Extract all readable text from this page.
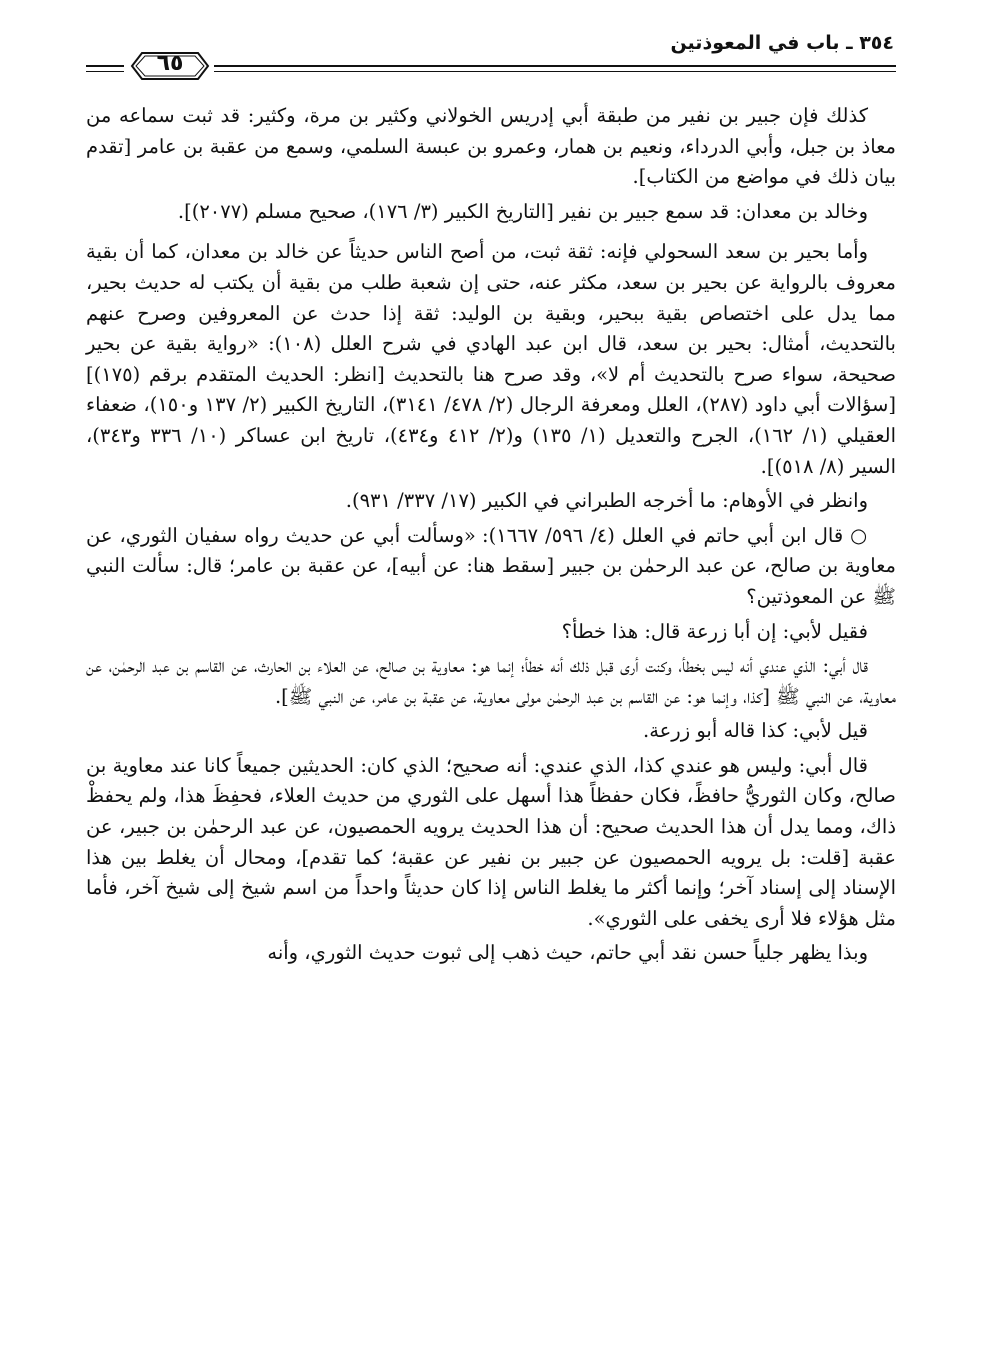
٣٥٤ ـ باب في المعوذتين
٦٥

كذلك فإن جبير بن نفير من طبقة أبي إدريس الخولاني وكثير بن مرة، وكثير: قد ثبت سماعه من معاذ بن جبل، وأبي الدرداء، ونعيم بن همار، وعمرو بن عبسة السلمي، وسمع من عقبة بن عامر [تقدم بيان ذلك في مواضع من الكتاب].

وخالد بن معدان: قد سمع جبير بن نفير [التاريخ الكبير (٣/ ١٧٦)، صحيح مسلم (٢٠٧٧)].

وأما بحير بن سعد السحولي فإنه: ثقة ثبت، من أصح الناس حديثاً عن خالد بن معدان، كما أن بقية معروف بالرواية عن بحير بن سعد، مكثر عنه، حتى إن شعبة طلب من بقية أن يكتب له حديث بحير، مما يدل على اختصاص بقية ببحير، وبقية بن الوليد: ثقة إذا حدث عن المعروفين وصرح عنهم بالتحديث، أمثال: بحير بن سعد، قال ابن عبد الهادي في شرح العلل (١٠٨): «رواية بقية عن بحير صحيحة، سواء صرح بالتحديث أم لا»، وقد صرح هنا بالتحديث [انظر: الحديث المتقدم برقم (١٧٥)] [سؤالات أبي داود (٢٨٧)، العلل ومعرفة الرجال (٢/ ٤٧٨/ ٣١٤١)، التاريخ الكبير (٢/ ١٣٧ و١٥٠)، ضعفاء العقيلي (١/ ١٦٢)، الجرح والتعديل (١/ ١٣٥) و(٢/ ٤١٢ و٤٣٤)، تاريخ ابن عساكر (١٠/ ٣٣٦ و٣٤٣)، السير (٨/ ٥١٨)].

وانظر في الأوهام: ما أخرجه الطبراني في الكبير (١٧/ ٣٣٧/ ٩٣١).

○ قال ابن أبي حاتم في العلل (٤/ ٥٩٦/ ١٦٦٧): «وسألت أبي عن حديث رواه سفيان الثوري، عن معاوية بن صالح، عن عبد الرحمٰن بن جبير [سقط هنا: عن أبيه]، عن عقبة بن عامر؛ قال: سألت النبي ﷺ عن المعوذتين؟

فقيل لأبي: إن أبا زرعة قال: هذا خطأ؟

قال أبي: الذي عندي أنه ليس بخطأ، وكنت أرى قبل ذلك أنه خطأ؛ إنما هو: معاوية بن صالح، عن العلاء بن الحارث، عن القاسم بن عبد الرحمٰن، عن معاوية، عن النبي ﷺ [كذا، وإنما هو: عن القاسم بن عبد الرحمٰن مولى معاوية، عن عقبة بن عامر، عن النبي ﷺ].

قيل لأبي: كذا قاله أبو زرعة.

قال أبي: وليس هو عندي كذا، الذي عندي: أنه صحيح؛ الذي كان: الحديثين جميعاً كانا عند معاوية بن صالح، وكان الثوريُّ حافظً، فكان حفظاً هذا أسهل على الثوري من حديث العلاء، فحفِظَ هذا، ولم يحفظْ ذاك، ومما يدل أن هذا الحديث صحيح: أن هذا الحديث يرويه الحمصيون، عن عبد الرحمٰن بن جبير، عن عقبة [قلت: بل يرويه الحمصيون عن جبير بن نفير عن عقبة؛ كما تقدم]، ومحال أن يغلط بين هذا الإسناد إلى إسناد آخر؛ وإنما أكثر ما يغلط الناس إذا كان حديثاً واحداً من اسم شيخ إلى شيخ آخر، فأما مثل هؤلاء فلا أرى يخفى على الثوري».

وبذا يظهر جلياً حسن نقد أبي حاتم، حيث ذهب إلى ثبوت حديث الثوري، وأنه
